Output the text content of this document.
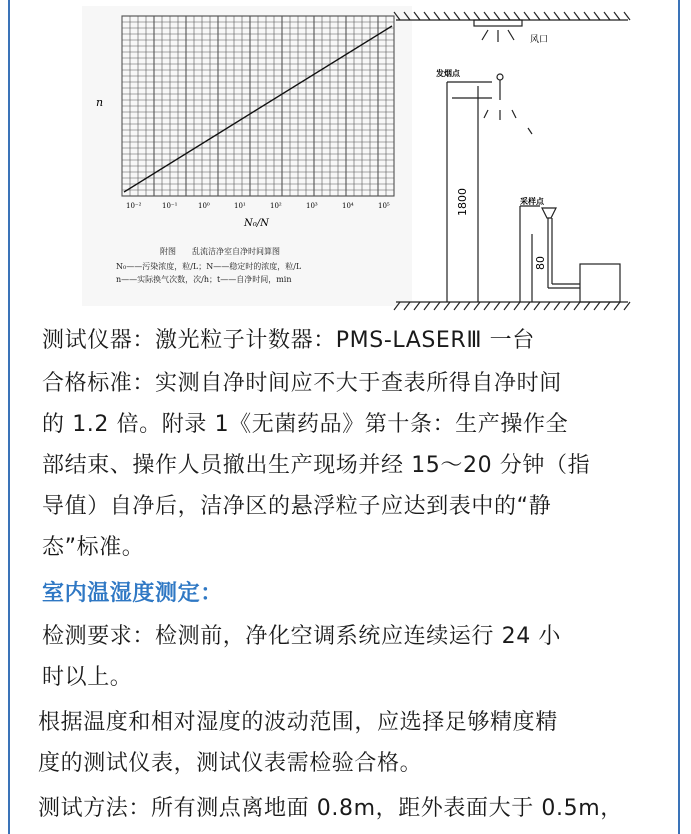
n
10⁻²	10⁻¹	10⁰	10¹	10²	10³	10⁴	10⁵
N₀/N
附图　　乱流洁净室自净时间算图
N₀——污染浓度，粒/L；N——稳定时的浓度，粒/L
n——实际换气次数，次/h；t——自净时间，min
风口
发烟点
采样点
1800
80

测试仪器：激光粒子计数器：PMS-LASERⅢ 一台

合格标准：实测自净时间应不大于查表所得自净时间

的 1.2 倍。附录 1《无菌药品》第十条：生产操作全

部结束、操作人员撤出生产现场并经 15～20 分钟（指

导值）自净后，洁净区的悬浮粒子应达到表中的“静

态”标准。

室内温湿度测定：

检测要求：检测前，净化空调系统应连续运行 24 小

时以上。

根据温度和相对湿度的波动范围，应选择足够精度精

度的测试仪表，测试仪表需检验合格。

测试方法：所有测点离地面 0.8m，距外表面大于 0.5m，
